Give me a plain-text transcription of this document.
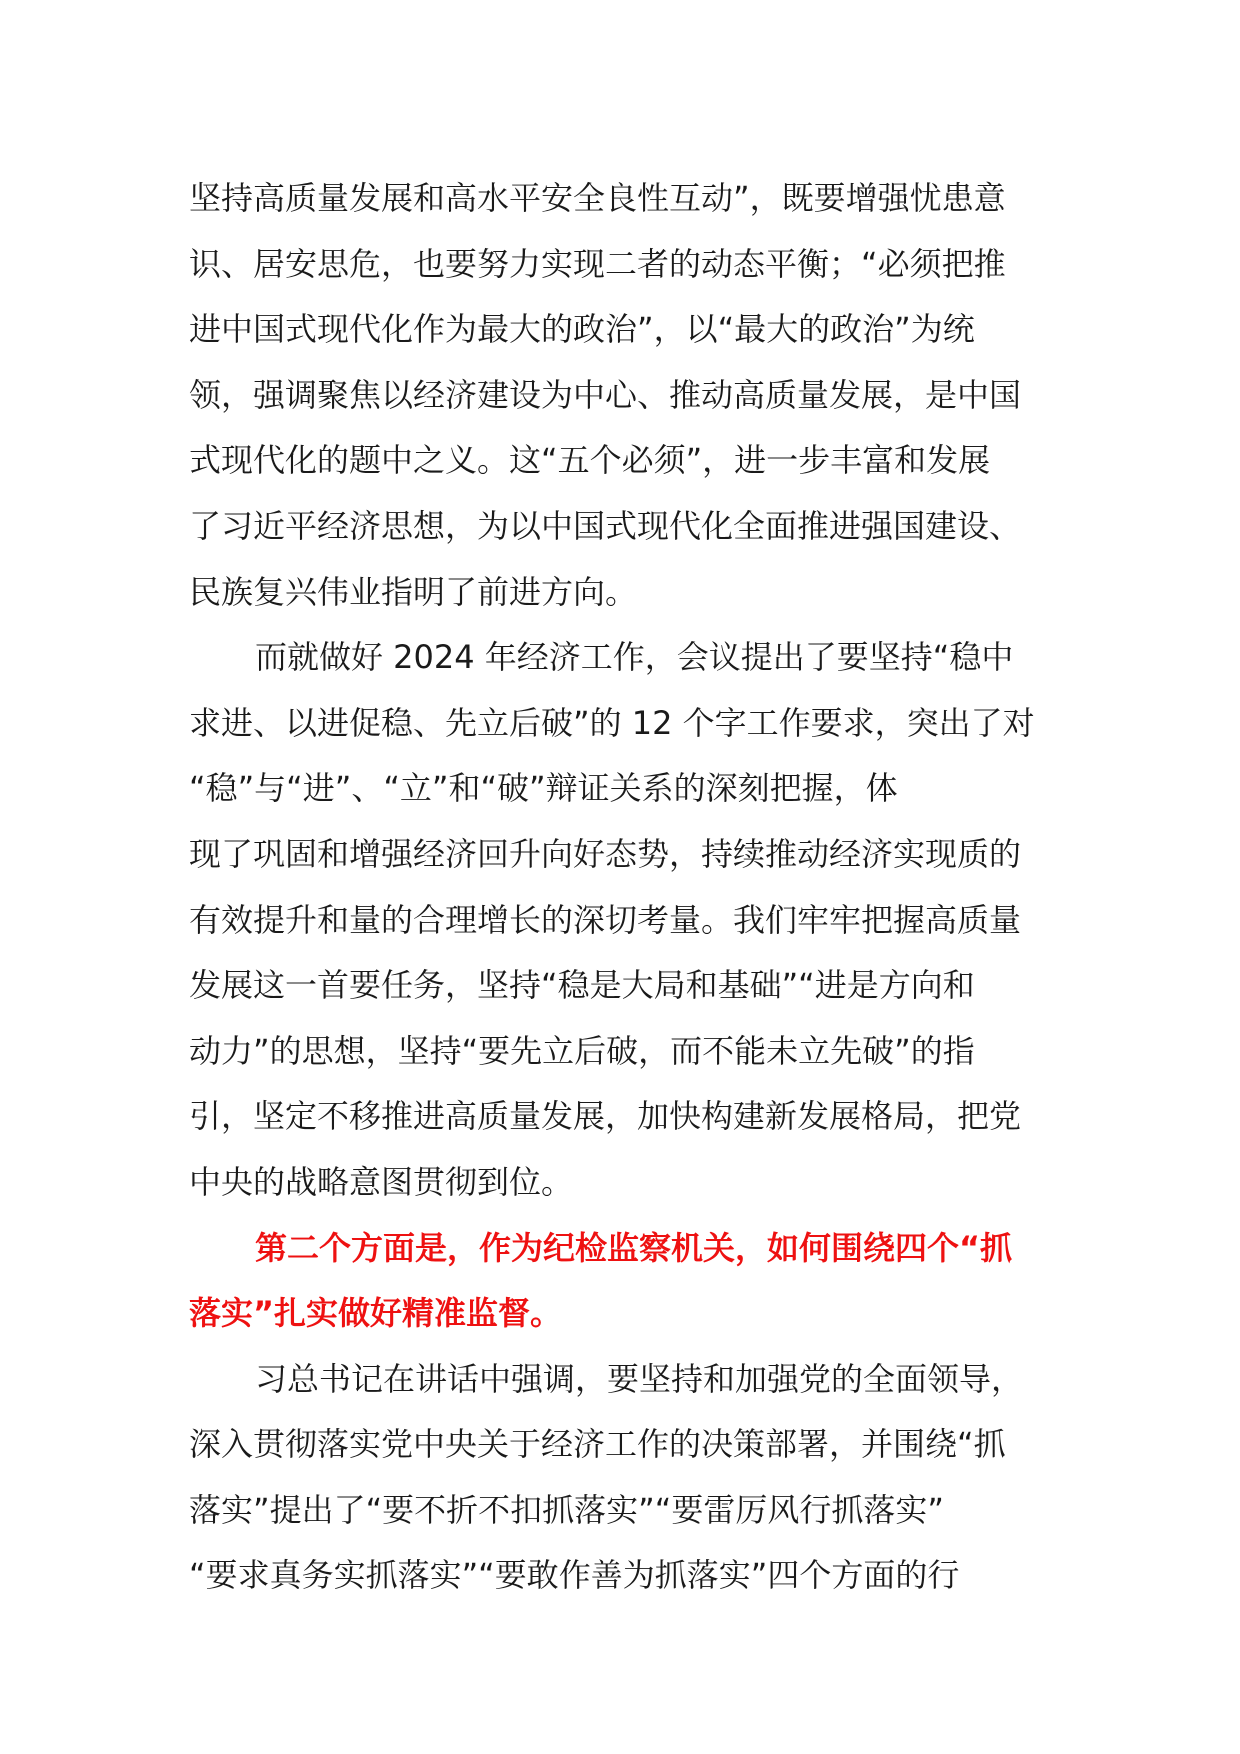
坚持高质量发展和高水平安全良性互动”，既要增强忧患意
识、居安思危，也要努力实现二者的动态平衡；“必须把推
进中国式现代化作为最大的政治”，以“最大的政治”为统
领，强调聚焦以经济建设为中心、推动高质量发展，是中国
式现代化的题中之义。这“五个必须”，进一步丰富和发展
了习近平经济思想，为以中国式现代化全面推进强国建设、
民族复兴伟业指明了前进方向。
而就做好 2024 年经济工作，会议提出了要坚持“稳中
求进、以进促稳、先立后破”的 12 个字工作要求，突出了对
“稳”与“进”、“立”和“破”辩证关系的深刻把握，体
现了巩固和增强经济回升向好态势，持续推动经济实现质的
有效提升和量的合理增长的深切考量。我们牢牢把握高质量
发展这一首要任务，坚持“稳是大局和基础”“进是方向和
动力”的思想，坚持“要先立后破，而不能未立先破”的指
引，坚定不移推进高质量发展，加快构建新发展格局，把党
中央的战略意图贯彻到位。
第二个方面是，作为纪检监察机关，如何围绕四个“抓
落实”扎实做好精准监督。
习总书记在讲话中强调，要坚持和加强党的全面领导，
深入贯彻落实党中央关于经济工作的决策部署，并围绕“抓
落实”提出了“要不折不扣抓落实”“要雷厉风行抓落实”
“要求真务实抓落实”“要敢作善为抓落实”四个方面的行
